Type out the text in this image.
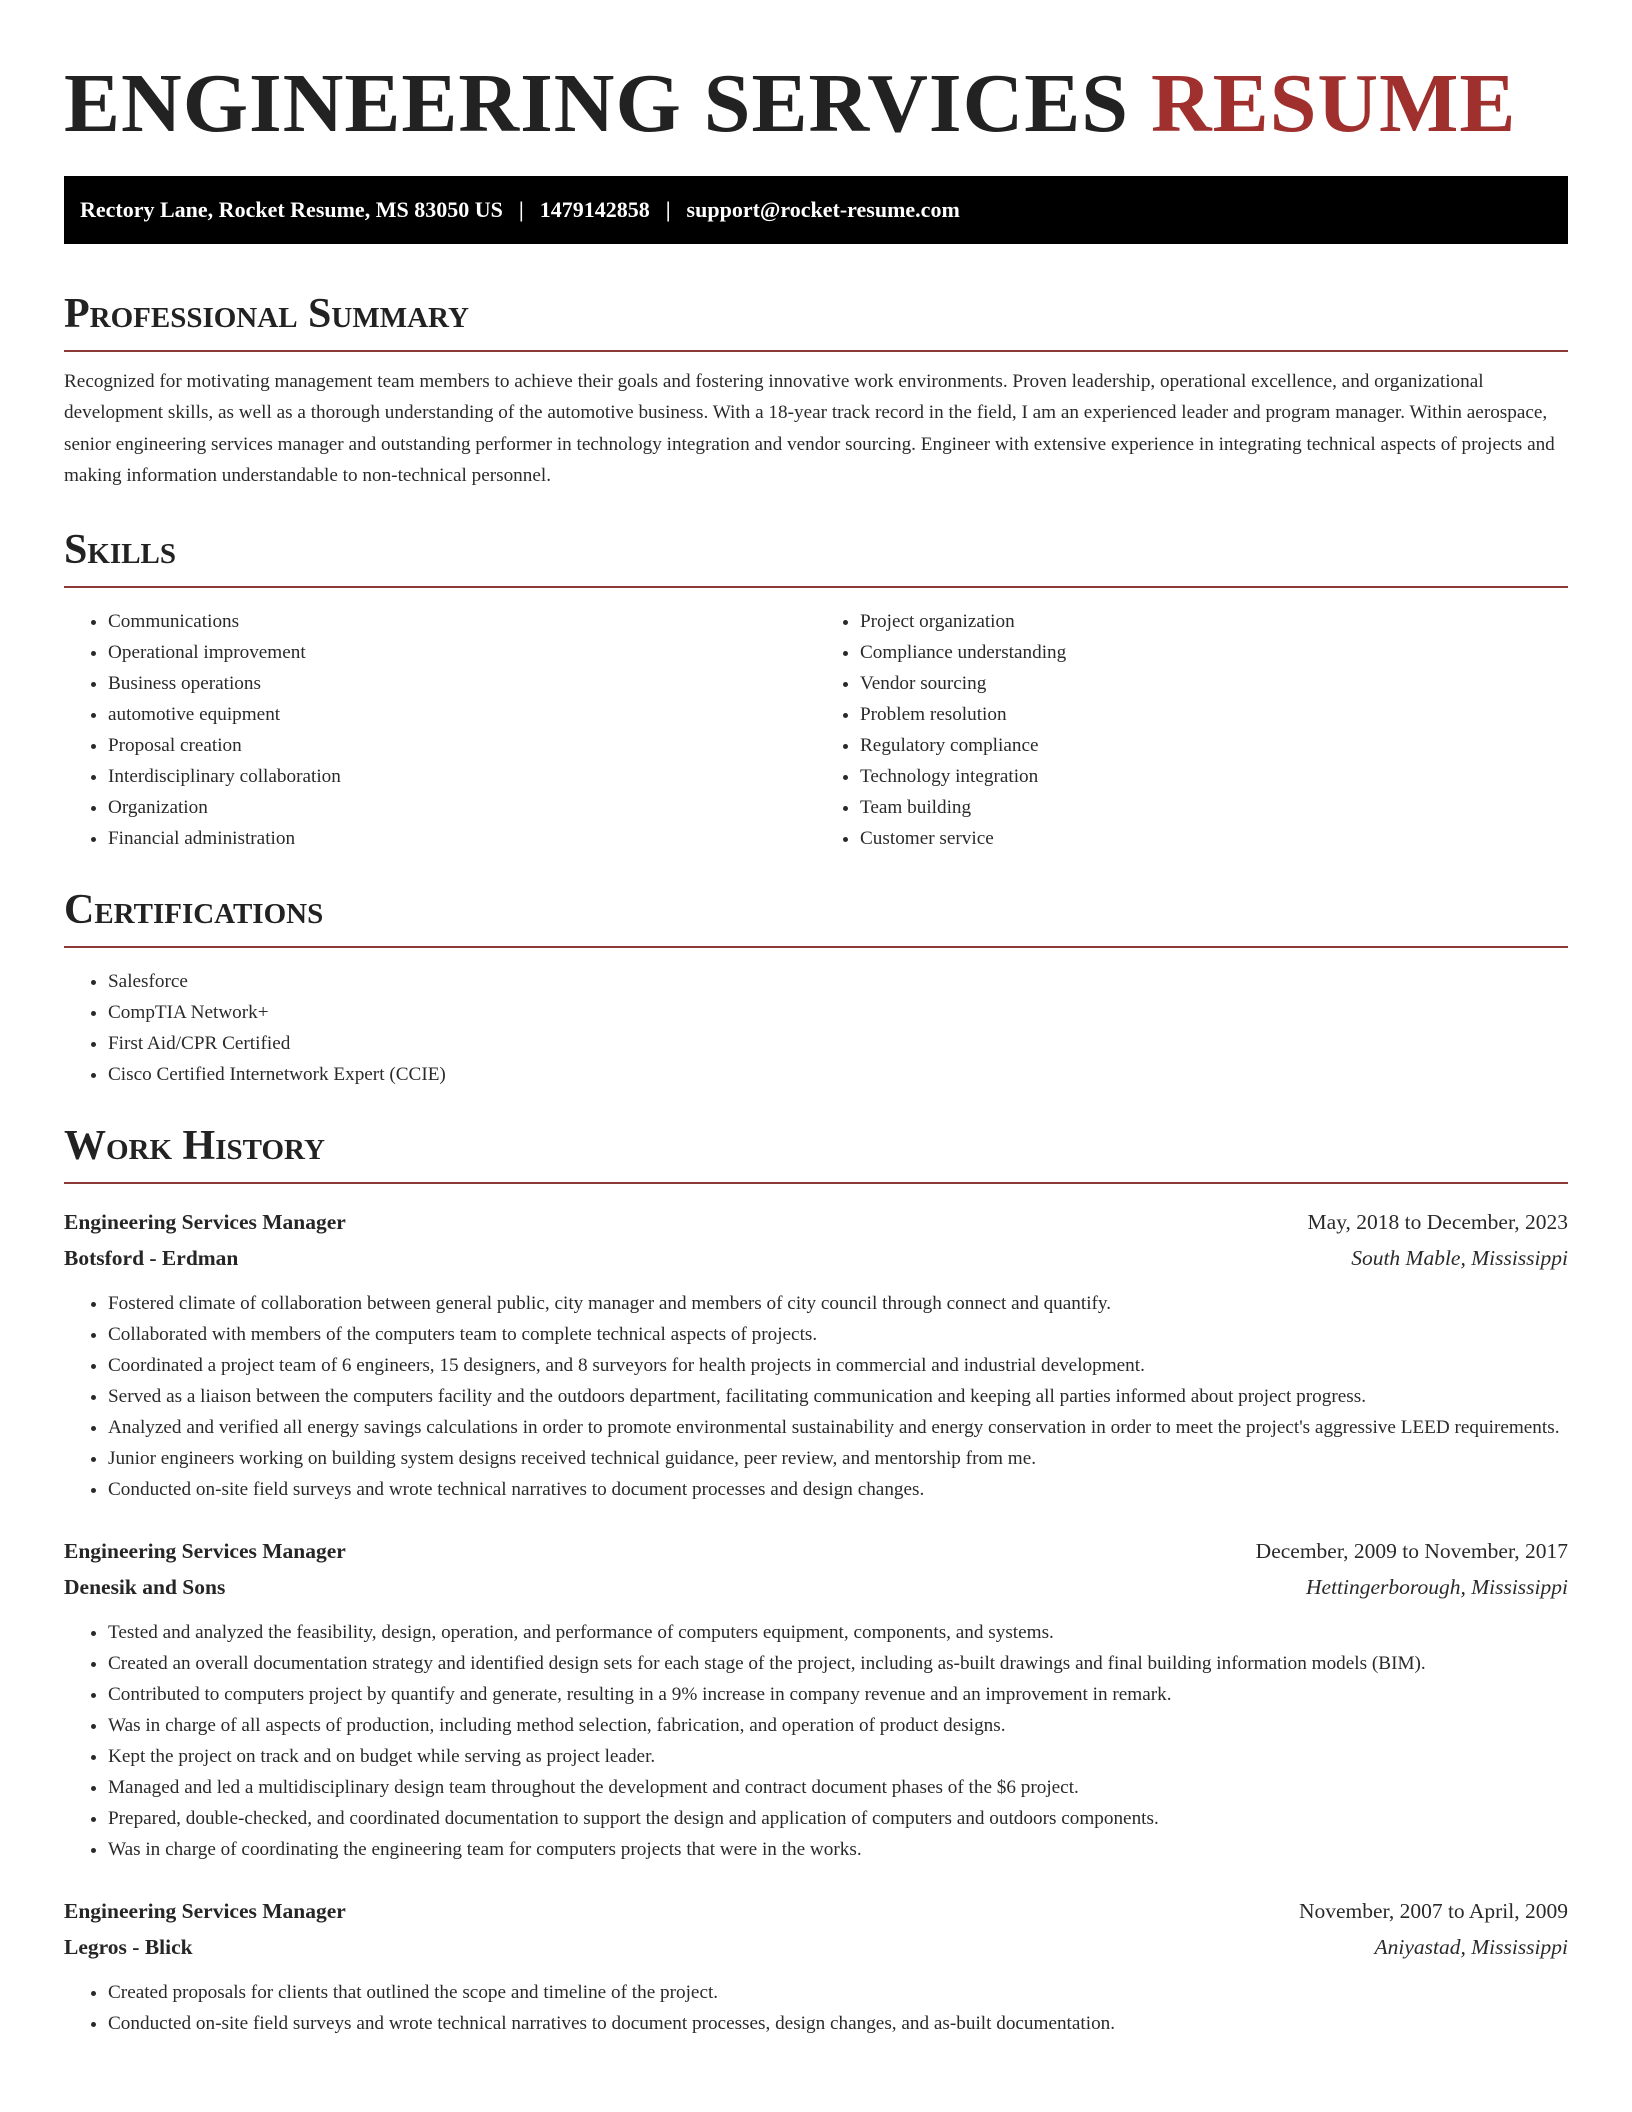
ENGINEERING SERVICES RESUME
Rectory Lane, Rocket Resume, MS 83050 US | 1479142858 | support@rocket-resume.com
Professional Summary

Recognized for motivating management team members to achieve their goals and fostering innovative work environments. Proven leadership, operational excellence, and organizational development skills, as well as a thorough understanding of the automotive business. With a 18-year track record in the field, I am an experienced leader and program manager. Within aerospace, senior engineering services manager and outstanding performer in technology integration and vendor sourcing. Engineer with extensive experience in integrating technical aspects of projects and making information understandable to non-technical personnel.

Skills
• Communications
• Operational improvement
• Business operations
• automotive equipment
• Proposal creation
• Interdisciplinary collaboration
• Organization
• Financial administration
• Project organization
• Compliance understanding
• Vendor sourcing
• Problem resolution
• Regulatory compliance
• Technology integration
• Team building
• Customer service
Certifications
• Salesforce
• CompTIA Network+
• First Aid/CPR Certified
• Cisco Certified Internetwork Expert (CCIE)
Work History
Engineering Services Manager	May, 2018 to December, 2023
Botsford - Erdman	South Mable, Mississippi
• Fostered climate of collaboration between general public, city manager and members of city council through connect and quantify.
• Collaborated with members of the computers team to complete technical aspects of projects.
• Coordinated a project team of 6 engineers, 15 designers, and 8 surveyors for health projects in commercial and industrial development.
• Served as a liaison between the computers facility and the outdoors department, facilitating communication and keeping all parties informed about project progress.
• Analyzed and verified all energy savings calculations in order to promote environmental sustainability and energy conservation in order to meet the project's aggressive LEED requirements.
• Junior engineers working on building system designs received technical guidance, peer review, and mentorship from me.
• Conducted on-site field surveys and wrote technical narratives to document processes and design changes.
Engineering Services Manager	December, 2009 to November, 2017
Denesik and Sons	Hettingerborough, Mississippi
• Tested and analyzed the feasibility, design, operation, and performance of computers equipment, components, and systems.
• Created an overall documentation strategy and identified design sets for each stage of the project, including as-built drawings and final building information models (BIM).
• Contributed to computers project by quantify and generate, resulting in a 9% increase in company revenue and an improvement in remark.
• Was in charge of all aspects of production, including method selection, fabrication, and operation of product designs.
• Kept the project on track and on budget while serving as project leader.
• Managed and led a multidisciplinary design team throughout the development and contract document phases of the $6 project.
• Prepared, double-checked, and coordinated documentation to support the design and application of computers and outdoors components.
• Was in charge of coordinating the engineering team for computers projects that were in the works.
Engineering Services Manager	November, 2007 to April, 2009
Legros - Blick	Aniyastad, Mississippi
• Created proposals for clients that outlined the scope and timeline of the project.
• Conducted on-site field surveys and wrote technical narratives to document processes, design changes, and as-built documentation.
